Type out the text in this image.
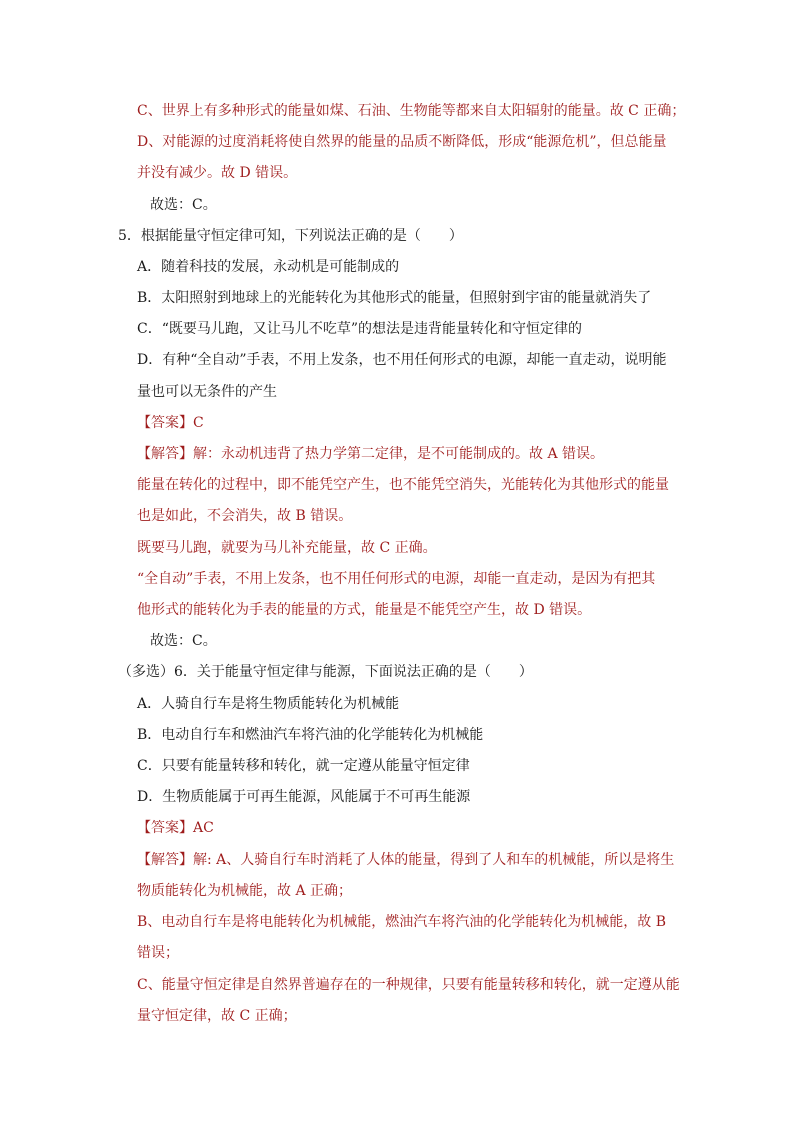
C、世界上有多种形式的能量如煤、石油、生物能等都来自太阳辐射的能量。故 C 正确；
D、对能源的过度消耗将使自然界的能量的品质不断降低，形成“能源危机”，但总能量
并没有减少。故 D 错误。
故选：C。
5．根据能量守恒定律可知，下列说法正确的是（　　）
A．随着科技的发展，永动机是可能制成的
B．太阳照射到地球上的光能转化为其他形式的能量，但照射到宇宙的能量就消失了
C．“既要马儿跑，又让马儿不吃草”的想法是违背能量转化和守恒定律的
D．有种“全自动”手表，不用上发条，也不用任何形式的电源，却能一直走动，说明能
量也可以无条件的产生
【答案】C
【解答】解：永动机违背了热力学第二定律，是不可能制成的。故 A 错误。
能量在转化的过程中，即不能凭空产生，也不能凭空消失，光能转化为其他形式的能量
也是如此，不会消失，故 B 错误。
既要马儿跑，就要为马儿补充能量，故 C 正确。
“全自动”手表，不用上发条，也不用任何形式的电源，却能一直走动，是因为有把其
他形式的能转化为手表的能量的方式，能量是不能凭空产生，故 D 错误。
故选：C。
（多选）6．关于能量守恒定律与能源，下面说法正确的是（　　）
A．人骑自行车是将生物质能转化为机械能
B．电动自行车和燃油汽车将汽油的化学能转化为机械能
C．只要有能量转移和转化，就一定遵从能量守恒定律
D．生物质能属于可再生能源，风能属于不可再生能源
【答案】AC
【解答】解: A、人骑自行车时消耗了人体的能量，得到了人和车的机械能，所以是将生
物质能转化为机械能，故 A 正确；
B、电动自行车是将电能转化为机械能，燃油汽车将汽油的化学能转化为机械能，故 B
错误；
C、能量守恒定律是自然界普遍存在的一种规律，只要有能量转移和转化，就一定遵从能
量守恒定律，故 C 正确；
